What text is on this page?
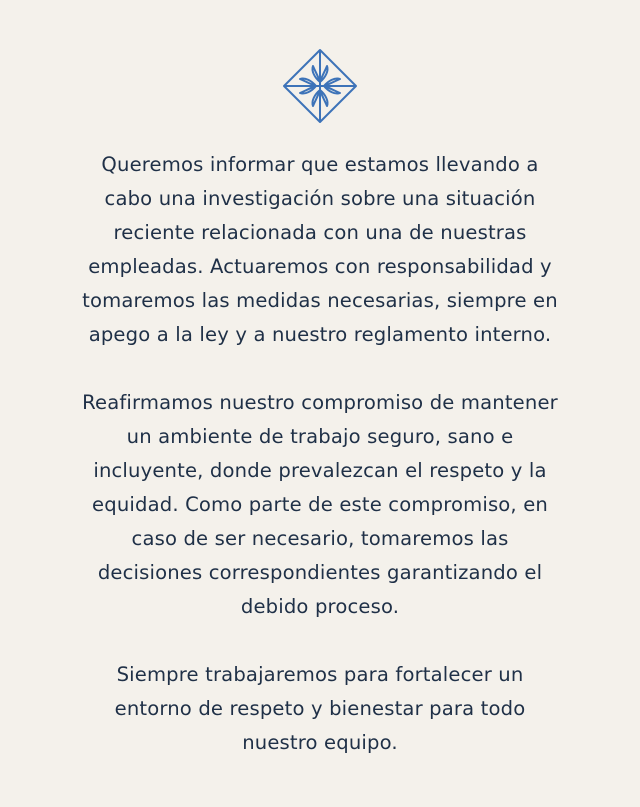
Queremos informar que estamos llevando a
cabo una investigación sobre una situación
reciente relacionada con una de nuestras
empleadas. Actuaremos con responsabilidad y
tomaremos las medidas necesarias, siempre en
apego a la ley y a nuestro reglamento interno.
Reafirmamos nuestro compromiso de mantener
un ambiente de trabajo seguro, sano e
incluyente, donde prevalezcan el respeto y la
equidad. Como parte de este compromiso, en
caso de ser necesario, tomaremos las
decisiones correspondientes garantizando el
debido proceso.
Siempre trabajaremos para fortalecer un
entorno de respeto y bienestar para todo
nuestro equipo.
